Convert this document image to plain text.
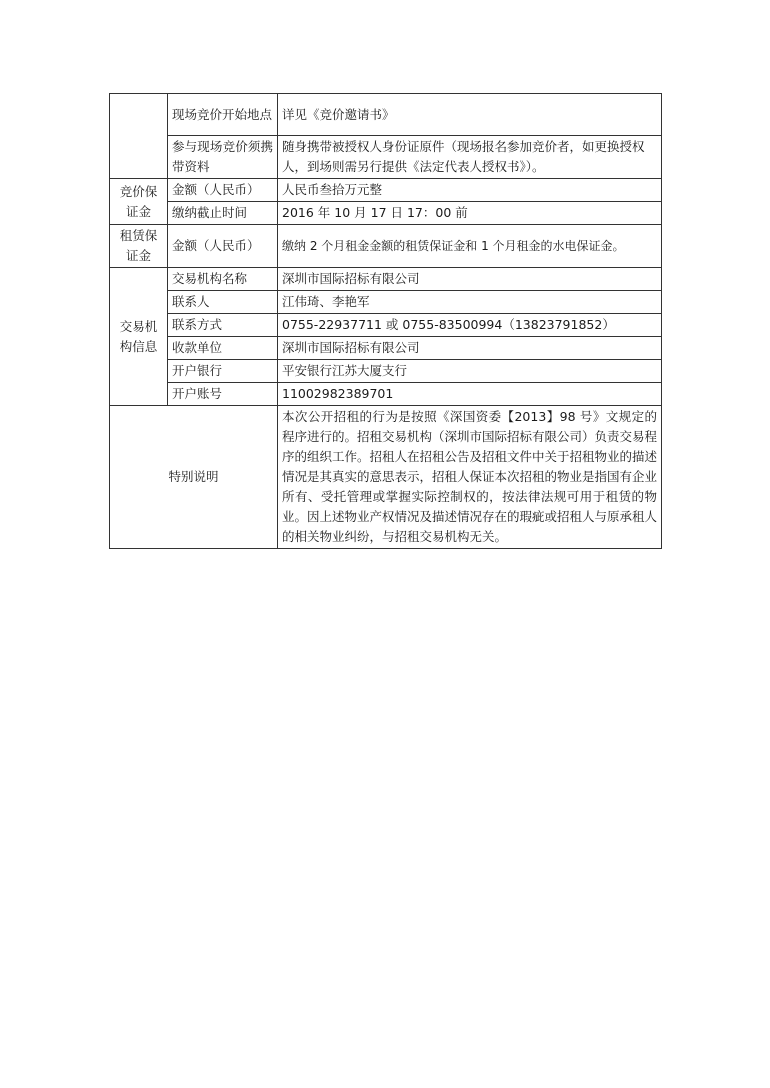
	现场竞价开始地点	详见《竞价邀请书》
	参与现场竞价须携带资料	随身携带被授权人身份证原件（现场报名参加竞价者，如更换授权人，到场则需另行提供《法定代表人授权书》）。
竞价保证金	金额（人民币）	人民币叁拾万元整
	缴纳截止时间	2016 年 10 月 17 日 17：00 前
租赁保证金	金额（人民币）	缴纳 2 个月租金金额的租赁保证金和 1 个月租金的水电保证金。
交易机构信息	交易机构名称	深圳市国际招标有限公司
	联系人	江伟琦、李艳军
	联系方式	0755-22937711 或 0755-83500994（13823791852）
	收款单位	深圳市国际招标有限公司
	开户银行	平安银行江苏大厦支行
	开户账号	11002982389701
特别说明		本次公开招租的行为是按照《深国资委【2013】98 号》文规定的程序进行的。招租交易机构（深圳市国际招标有限公司）负责交易程序的组织工作。招租人在招租公告及招租文件中关于招租物业的描述情况是其真实的意思表示，招租人保证本次招租的物业是指国有企业所有、受托管理或掌握实际控制权的，按法律法规可用于租赁的物业。因上述物业产权情况及描述情况存在的瑕疵或招租人与原承租人的相关物业纠纷，与招租交易机构无关。
